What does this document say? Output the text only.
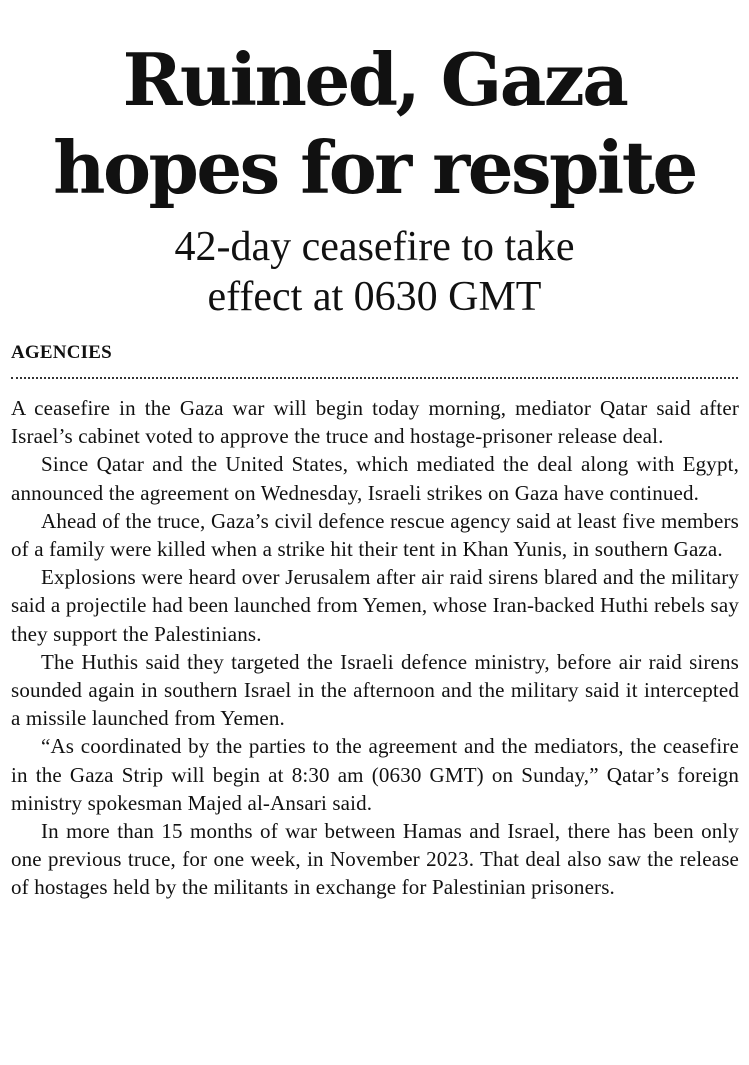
Ruined, Gaza
hopes for respite
42-day ceasefire to take
effect at 0630 GMT
AGENCIES

A ceasefire in the Gaza war will begin today morning, mediator Qatar said after Israel’s cabinet voted to approve the truce and hostage-prisoner release deal.

Since Qatar and the United States, which mediated the deal along with Egypt, announced the agreement on Wednesday, Israeli strikes on Gaza have continued.

Ahead of the truce, Gaza’s civil defence rescue agency said at least five members of a family were killed when a strike hit their tent in Khan Yunis, in southern Gaza.

Explosions were heard over Jerusalem after air raid sirens blared and the military said a projectile had been launched from Yemen, whose Iran-backed Huthi rebels say they support the Palestinians.

The Huthis said they targeted the Israeli defence ministry, before air raid sirens sounded again in southern Israel in the afternoon and the military said it intercepted a missile launched from Yemen.

“As coordinated by the parties to the agreement and the mediators, the ceasefire in the Gaza Strip will begin at 8:30 am (0630 GMT) on Sunday,” Qatar’s foreign ministry spokesman Majed al-Ansari said.

In more than 15 months of war between Hamas and Israel, there has been only one previous truce, for one week, in November 2023. That deal also saw the release of hostages held by the militants in exchange for Palestinian prisoners.
